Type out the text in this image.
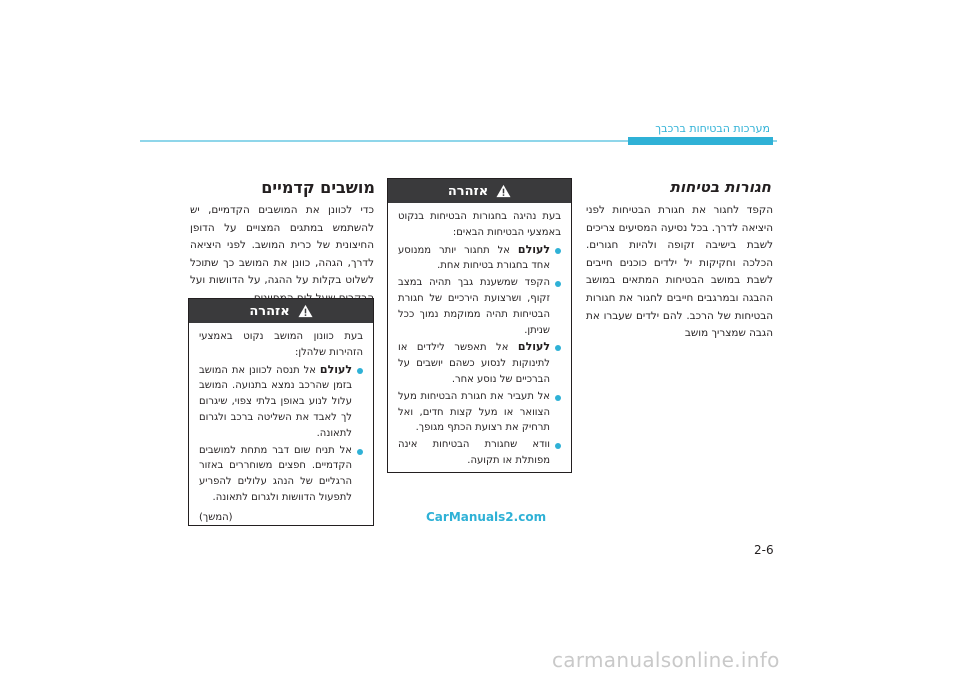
מערכות הבטיחות ברכבך
חגורות בטיחות
הקפד לחגור את חגורת הבטיחות לפני היציאה לדרך. בכל נסיעה המסיעים צריכים לשבת בישיבה זקופה ולהיות חגורים. הכלכה וחקיקות יל ילדים כוכנים חייבים לשבת במושב הבטיחות המתאים במושב ההבגה ובמרגבים חייבים לחגור את חגורות הבטיחות של הרכב. להם ילדים שעברו את הגבה שמצריך מושב
אזהרה

בעת נהיגה בחגורות הבטיחות בנקוט באמצעי הבטיחות הבאים:

לעולם אל תחגור יותר ממנוסע אחד בחגורת בטיחות אחת.
הקפד שמשענת גבך תהיה במצב זקוף, ושרצועת הירכיים של חגורת הבטיחות תהיה ממוקמת נמוך ככל שניתן.
לעולם אל תאפשר לילדים או לתינוקות לנסוע כשהם יושבים על הברכיים של נוסע אחר.
אל תעביר את חגורת הבטיחות מעל הצוואר או מעל קצות חדים, ואל תרחיק את רצועת הכתף מגופך.
וודא שחגורת הבטיחות אינה מפותלת או תקועה.
מושבים קדמיים
כדי לכוונן את המושבים הקדמיים, יש להשתמש במתגים המצויים על הדופן החיצונית של כרית המושב. לפני היציאה לדרך, הגהה, כוונן את המושב כך שתוכל לשלוט בקלות על ההגה, על הדוושות ועל
אזהרה

בעת כוונון המושב נקוט באמצעי הזהירות שלהלן:

לעולם אל תנסה לכוונן את המושב בזמן שהרכב נמצא בתנועה. המושב עלול לנוע באופן בלתי צפוי, שיגרום לך לאבד את השליטה ברכב ולגרום לתאונה.
אל תניח שום דבר מתחת למושבים הקדמיים. חפצים משוחררים באזור הרגליים של הנהג עלולים להפריע לתפעול הדוושות ולגרום לתאונה.

(המשך)	CarManuals2.com
2-6
carmanualsonline.info
